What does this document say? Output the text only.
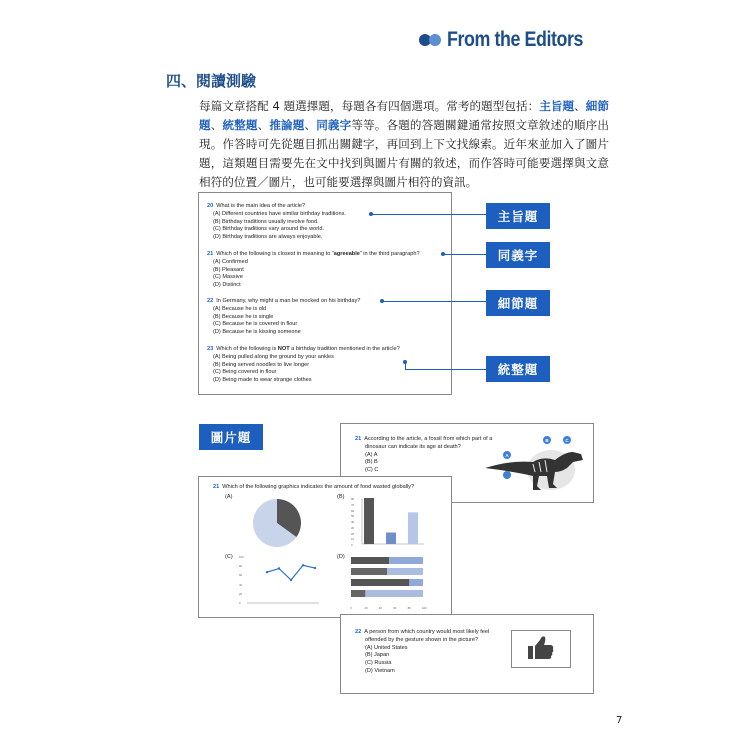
From the Editors
四、閱讀測驗
每篇文章搭配 4 題選擇題，每題各有四個選項。常考的題型包括：主旨題、細節題、統整題、推論題、同義字等等。各題的答題關鍵通常按照文章敘述的順序出現。作答時可先從題目抓出關鍵字，再回到上下文找線索。近年來並加入了圖片題，這類題目需要先在文中找到與圖片有關的敘述，而作答時可能要選擇與文意相符的位置／圖片，也可能要選擇與圖片相符的資訊。
20 What is the main idea of the article?
(A) Different countries have similar birthday traditions.
(B) Birthday traditions usually involve food.
(C) Birthday traditions vary around the world.
(D) Birthday traditions are always enjoyable.
21 Which of the following is closest in meaning to “agreeable” in the third paragraph?
(A) Confirmed
(B) Pleasant
(C) Massive
(D) Distinct
22 In Germany, why might a man be mocked on his birthday?
(A) Because he is old
(B) Because he is single
(C) Because he is covered in flour
(D) Because he is kissing someone
23 Which of the following is NOT a birthday tradition mentioned in the article?
(A) Being pulled along the ground by your ankles
(B) Being served noodles to live longer
(C) Being covered in flour
(D) Being made to wear strange clothes
主旨題
同義字
細節題
統整題
圖片題	21 According to the article, a fossil from which part of a
dinosaur can indicate its age at death?
(A) A
(B) B
(C) C
A
B	C
21 Which of the following graphics indicates the amount of food wasted globally?
(A)	(B)
(C)	(D)
80
70
60
50
40
30
20
10
0
100
80
60
40
20
0
0	20	40	60	80	100
22 A person from which country would most likely feel
offended by the gesture shown in the picture?
(A) United States
(B) Japan
(C) Russia
(D) Vietnam
7
